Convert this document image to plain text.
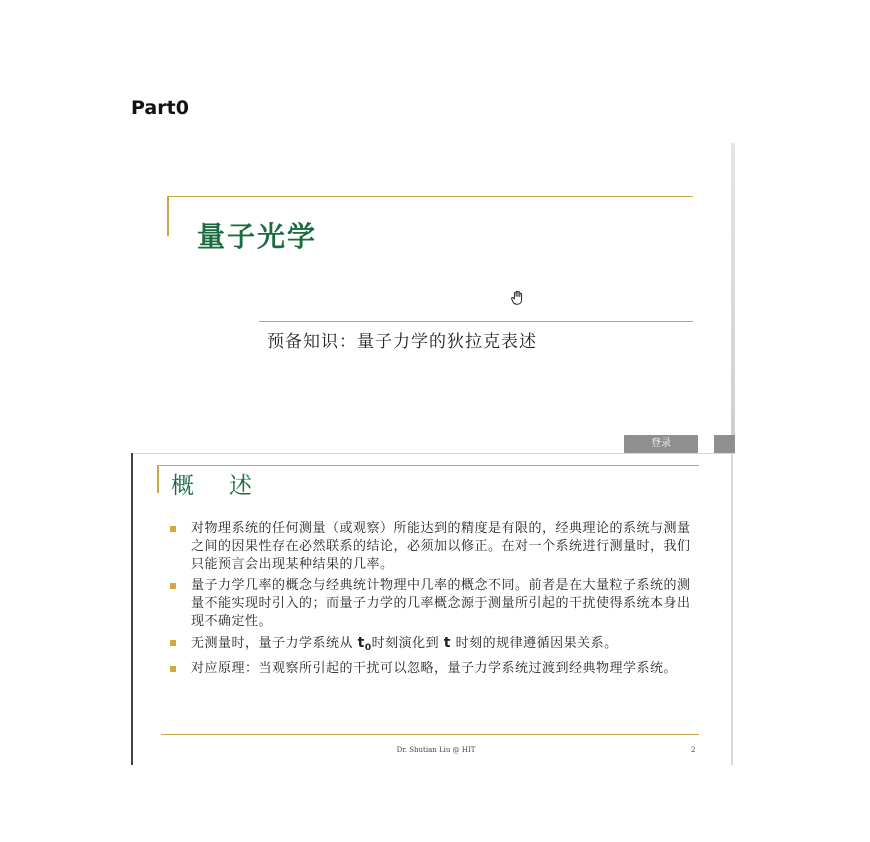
Part0
量子光学
预备知识：量子力学的狄拉克表述
登录
概　述
对物理系统的任何测量（或观察）所能达到的精度是有限的，经典理论的系统与测量之间的因果性存在必然联系的结论，必须加以修正。在对一个系统进行测量时，我们只能预言会出现某种结果的几率。
量子力学几率的概念与经典统计物理中几率的概念不同。前者是在大量粒子系统的测量不能实现时引入的；而量子力学的几率概念源于测量所引起的干扰使得系统本身出现不确定性。
无测量时，量子力学系统从 $t_0$时刻演化到 t 时刻的规律遵循因果关系。
对应原理：当观察所引起的干扰可以忽略，量子力学系统过渡到经典物理学系统。
Dr. Shutian Liu @ HIT	2
